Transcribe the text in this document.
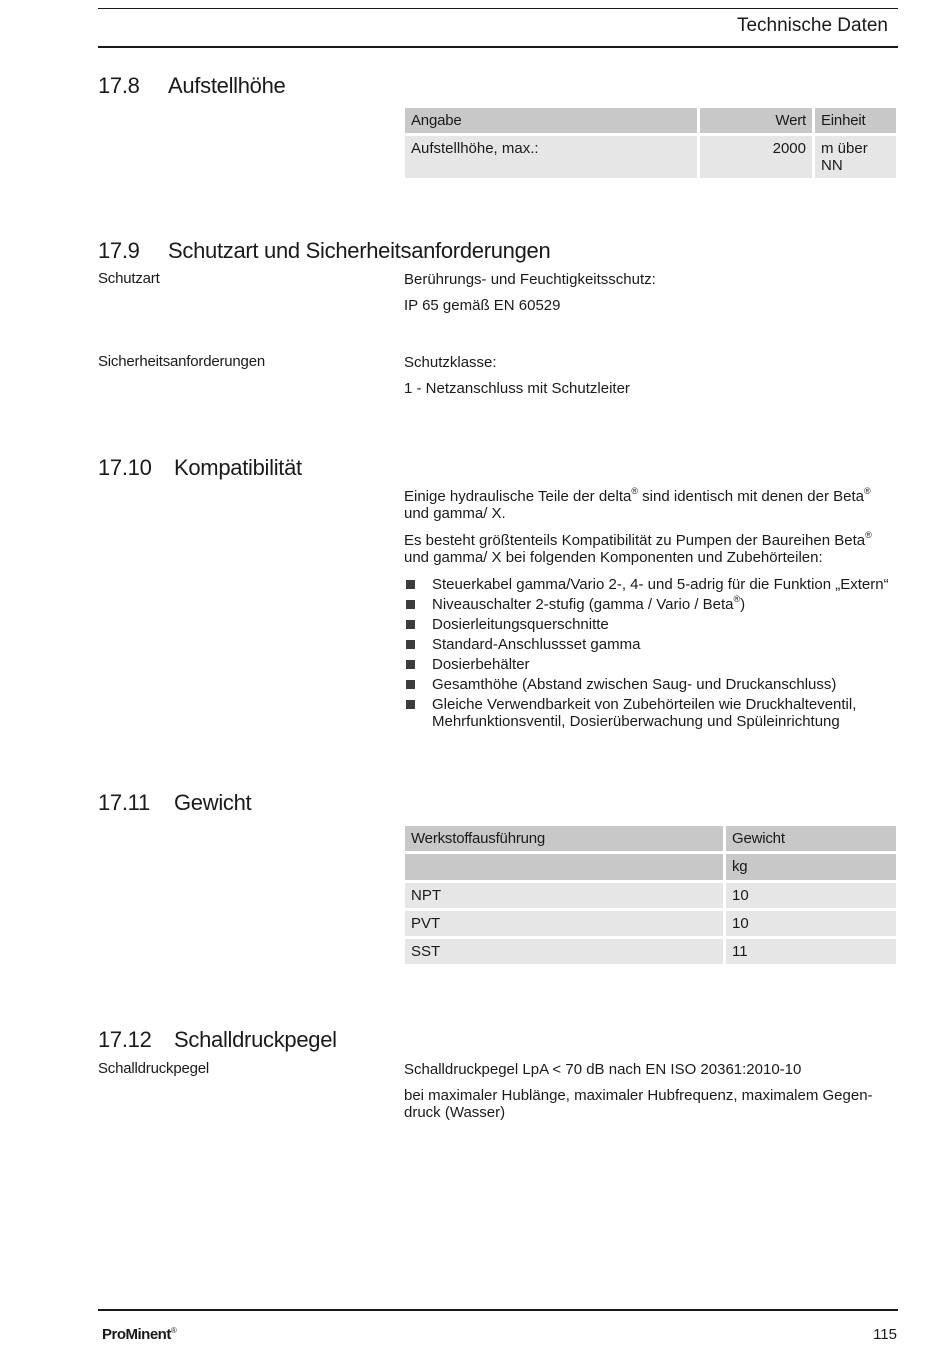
Technische Daten
17.8 Aufstellhöhe
Angabe	Wert	Einheit
Aufstellhöhe, max.:	2000	m über NN
17.9 Schutzart und Sicherheitsanforderungen
Schutzart	Berührungs- und Feuchtigkeitsschutz:
IP 65 gemäß EN 60529
Sicherheitsanforderungen	Schutzklasse:
1 - Netzanschluss mit Schutzleiter
17.10 Kompatibilität
Einige hydraulische Teile der delta® sind identisch mit denen der Beta®
und gamma/ X.
Es besteht größtenteils Kompatibilität zu Pumpen der Baureihen Beta®
und gamma/ X bei folgenden Komponenten und Zubehörteilen:
Steuerkabel gamma/Vario 2-, 4- und 5-adrig für die Funktion „Extern“
Niveauschalter 2-stufig (gamma / Vario / Beta®)
Dosierleitungsquerschnitte
Standard-Anschlussset gamma
Dosierbehälter
Gesamthöhe (Abstand zwischen Saug- und Druckanschluss)
Gleiche Verwendbarkeit von Zubehörteilen wie Druckhalteventil, Mehrfunktionsventil, Dosierüberwachung und Spüleinrichtung
17.11 Gewicht
Werkstoffausführung	Gewicht
	kg
NPT	10
PVT	10
SST	11
17.12 Schalldruckpegel
Schalldruckpegel	Schalldruckpegel LpA < 70 dB nach EN ISO 20361:2010-10
bei maximaler Hublänge, maximaler Hubfrequenz, maximalem Gegen-druck (Wasser)
ProMinent®	115
